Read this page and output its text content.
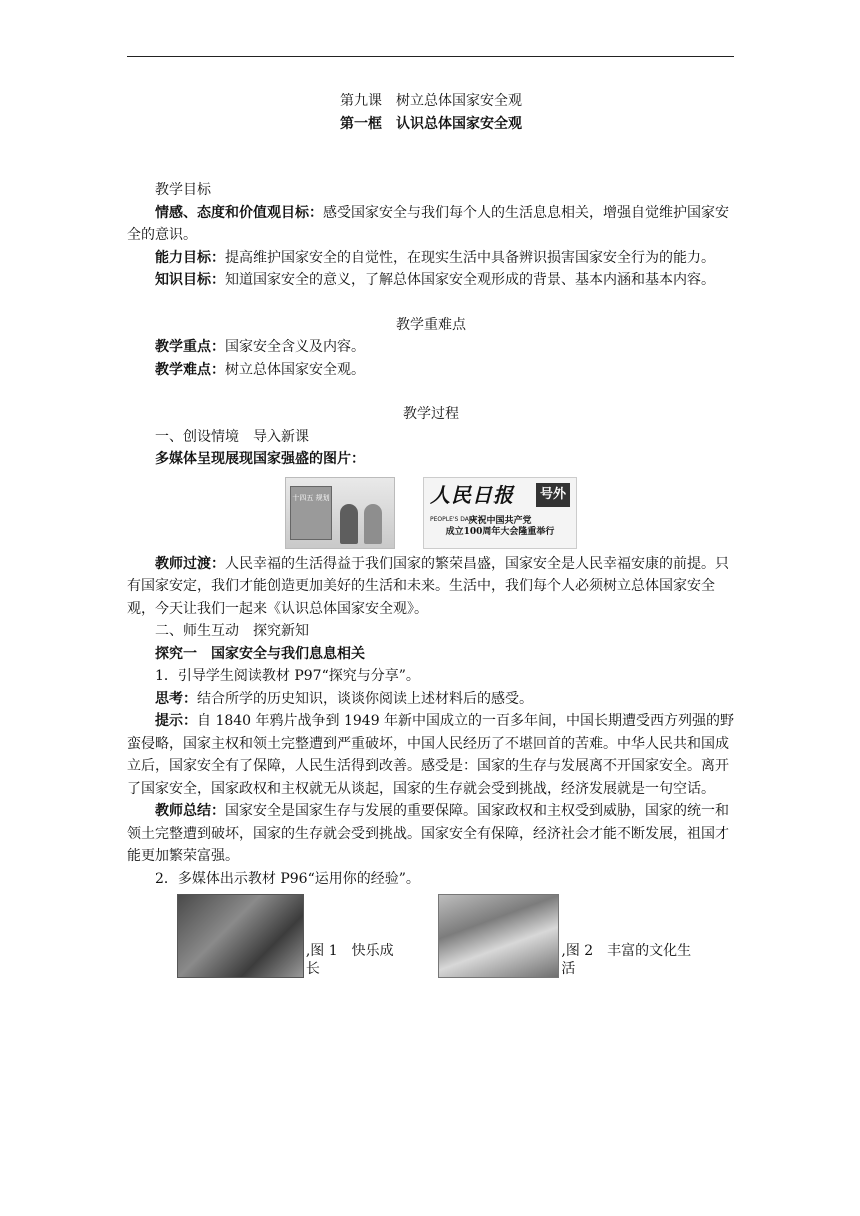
第九课　树立总体国家安全观

第一框　认识总体国家安全观

教学目标

情感、态度和价值观目标：感受国家安全与我们每个人的生活息息相关，增强自觉维护国家安全的意识。

能力目标：提高维护国家安全的自觉性，在现实生活中具备辨识损害国家安全行为的能力。

知识目标：知道国家安全的意义，了解总体国家安全观形成的背景、基本内涵和基本内容。

教学重难点

教学重点：国家安全含义及内容。

教学难点：树立总体国家安全观。

教学过程

一、创设情境　导入新课

多媒体呈现展现国家强盛的图片：

十四五 规划	人民日报	号外
PEOPLE'S DAILY
庆祝中国共产党
成立100周年大会隆重举行

教师过渡：人民幸福的生活得益于我们国家的繁荣昌盛，国家安全是人民幸福安康的前提。只有国家安定，我们才能创造更加美好的生活和未来。生活中，我们每个人必须树立总体国家安全观，今天让我们一起来《认识总体国家安全观》。

二、师生互动　探究新知

探究一　国家安全与我们息息相关

1．引导学生阅读教材 P97“探究与分享”。

思考：结合所学的历史知识，谈谈你阅读上述材料后的感受。

提示：自 1840 年鸦片战争到 1949 年新中国成立的一百多年间，中国长期遭受西方列强的野蛮侵略，国家主权和领土完整遭到严重破坏，中国人民经历了不堪回首的苦难。中华人民共和国成立后，国家安全有了保障，人民生活得到改善。感受是：国家的生存与发展离不开国家安全。离开了国家安全，国家政权和主权就无从谈起，国家的生存就会受到挑战，经济发展就是一句空话。

教师总结：国家安全是国家生存与发展的重要保障。国家政权和主权受到威胁，国家的统一和领土完整遭到破坏，国家的生存就会受到挑战。国家安全有保障，经济社会才能不断发展，祖国才能更加繁荣富强。

2．多媒体出示教材 P96“运用你的经验”。

,图 1　快乐成长
,图 2　丰富的文化生活
